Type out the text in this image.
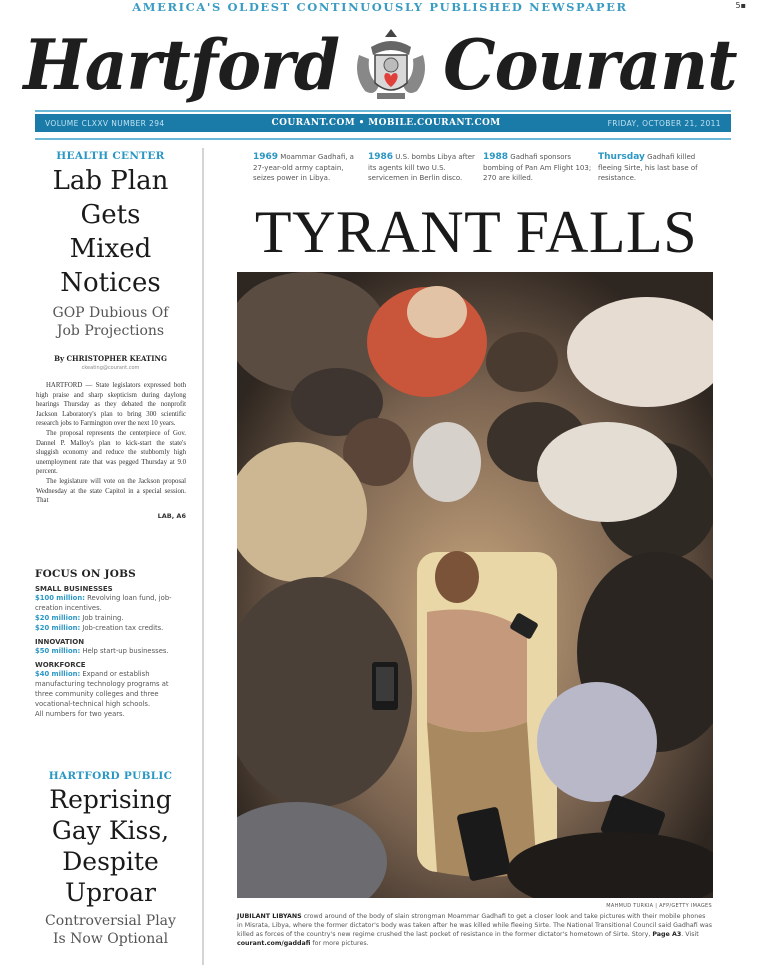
AMERICA'S OLDEST CONTINUOUSLY PUBLISHED NEWSPAPER	5▪
Hartford Courant
VOLUME CLXXV NUMBER 294	COURANT.COM • MOBILE.COURANT.COM	FRIDAY, OCTOBER 21, 2011
HEALTH CENTER
Lab Plan
Gets
Mixed
Notices
GOP Dubious Of
Job Projections
By CHRISTOPHER KEATING
ckeating@courant.com

HARTFORD — State legislators expressed both high praise and sharp skepticism during daylong hearings Thursday as they debated the nonprofit Jackson Laboratory's plan to bring 300 scientific research jobs to Farmington over the next 10 years.

The proposal represents the centerpiece of Gov. Dannel P. Malloy's plan to kick-start the state's sluggish economy and reduce the stubbornly high unemployment rate that was pegged Thursday at 9.0 percent.

The legislature will vote on the Jackson proposal Wednesday at the state Capitol in a special session. That

LAB, A6
FOCUS ON JOBS
SMALL BUSINESSES
$100 million: Revolving loan fund, job-creation incentives.
$20 million: Job training.
$20 million: Job-creation tax credits.
INNOVATION
$50 million: Help start-up businesses.
WORKFORCE
$40 million: Expand or establish manufacturing technology programs at three community colleges and three vocational-technical high schools.
All numbers for two years.
HARTFORD PUBLIC
Reprising
Gay Kiss,
Despite
Uproar
Controversial Play
Is Now Optional
1969 Moammar Gadhafi, a 27-year-old army captain, seizes power in Libya.
1986 U.S. bombs Libya after its agents kill two U.S. servicemen in Berlin disco.
1988 Gadhafi sponsors bombing of Pan Am Flight 103; 270 are killed.
Thursday Gadhafi killed fleeing Sirte, his last base of resistance.
TYRANT FALLS
MAHMUD TURKIA | AFP/GETTY IMAGES
JUBILANT LIBYANS crowd around of the body of slain strongman Moammar Gadhafi to get a closer look and take pictures with their mobile phones in Misrata, Libya, where the former dictator's body was taken after he was killed while fleeing Sirte. The National Transitional Council said Gadhafi was killed as forces of the country's new regime crushed the last pocket of resistance in the former dictator's hometown of Sirte. Story, Page A3. Visit courant.com/gaddafi for more pictures.
